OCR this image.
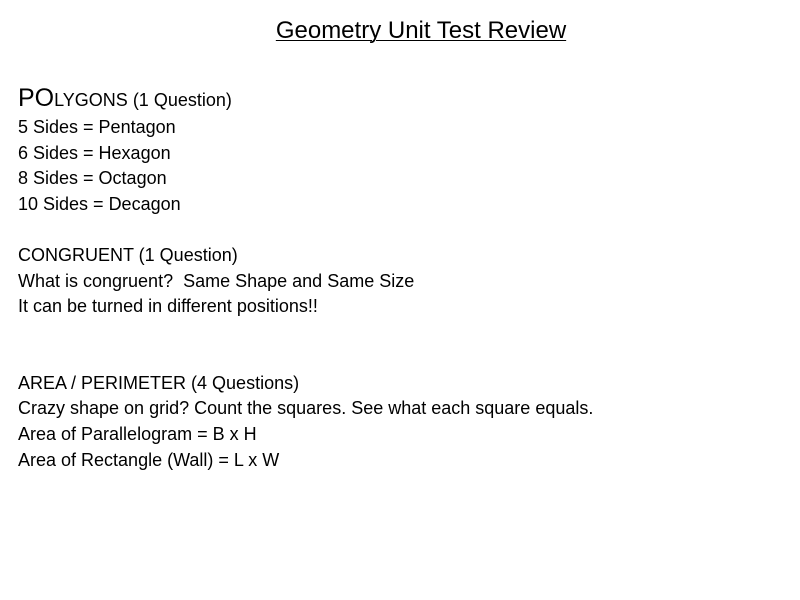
Geometry Unit Test Review
POLYGONS (1 Question)
5 Sides = Pentagon
6 Sides = Hexagon
8 Sides = Octagon
10 Sides = Decagon
CONGRUENT (1 Question)
What is congruent?  Same Shape and Same Size
It can be turned in different positions!!
AREA / PERIMETER (4 Questions)
Crazy shape on grid? Count the squares. See what each square equals.
Area of Parallelogram = B x H
Area of Rectangle (Wall) = L x W
